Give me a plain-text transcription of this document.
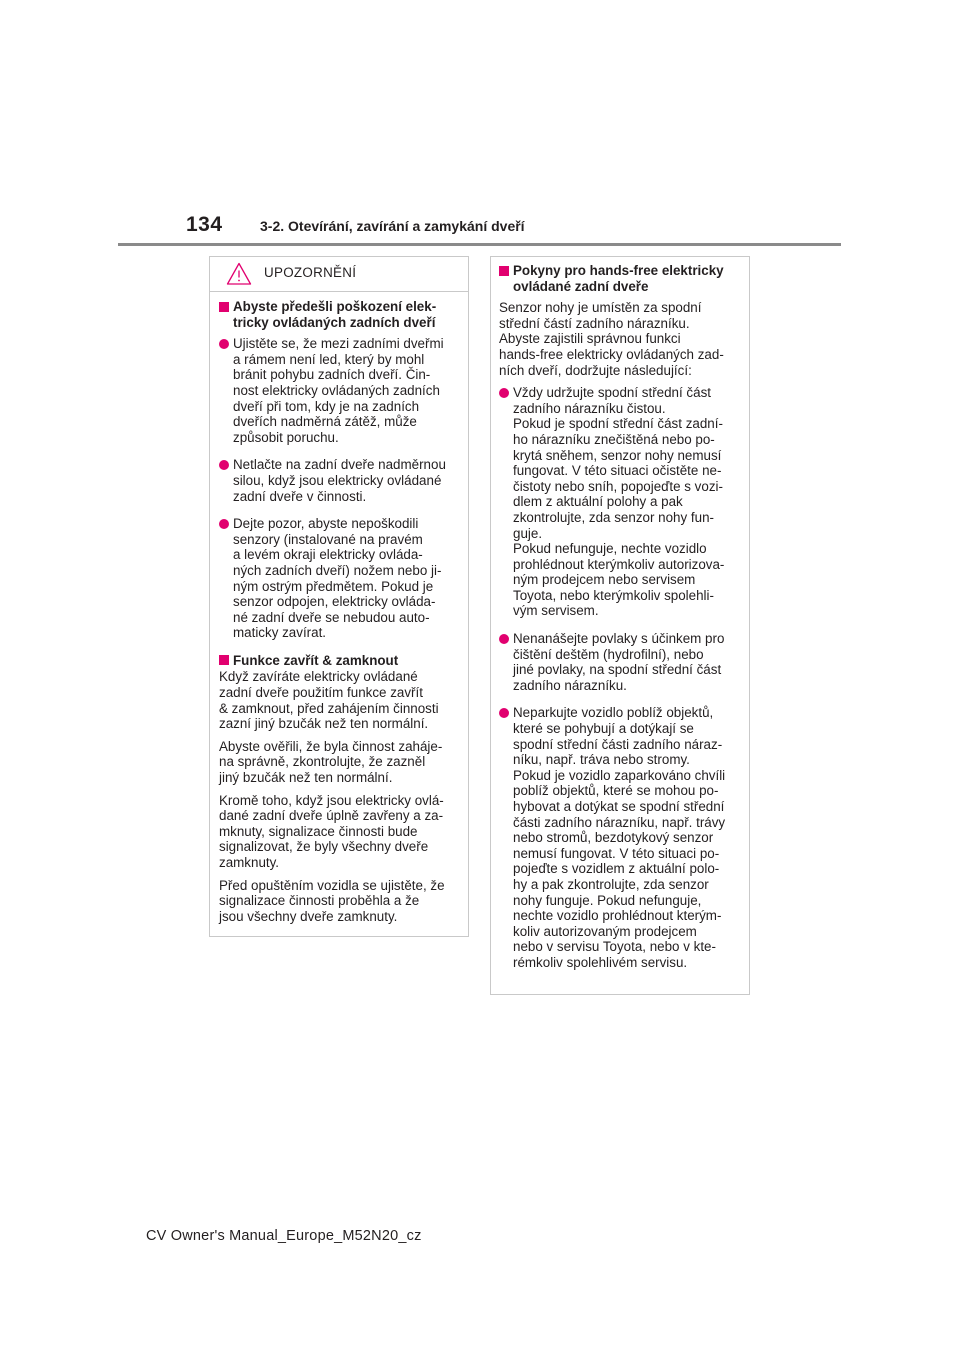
134	3-2. Otevírání, zavírání a zamykání dveří
UPOZORNĚNÍ
Abyste předešli poškození elek-
tricky ovládaných zadních dveří
Ujistěte se, že mezi zadními dveřmi
a rámem není led, který by mohl
bránit pohybu zadních dveří. Čin-
nost elektricky ovládaných zadních
dveří při tom, kdy je na zadních
dveřích nadměrná zátěž, může
způsobit poruchu.
Netlačte na zadní dveře nadměrnou
silou, když jsou elektricky ovládané
zadní dveře v činnosti.
Dejte pozor, abyste nepoškodili
senzory (instalované na pravém
a levém okraji elektricky ovláda-
ných zadních dveří) nožem nebo ji-
ným ostrým předmětem. Pokud je
senzor odpojen, elektricky ovláda-
né zadní dveře se nebudou auto-
maticky zavírat.
Funkce zavřít & zamknout
Když zavíráte elektricky ovládané
zadní dveře použitím funkce zavřít
& zamknout, před zahájením činnosti
zazní jiný bzučák než ten normální.
Abyste ověřili, že byla činnost zaháje-
na správně, zkontrolujte, že zazněl
jiný bzučák než ten normální.
Kromě toho, když jsou elektricky ovlá-
dané zadní dveře úplně zavřeny a za-
mknuty, signalizace činnosti bude
signalizovat, že byly všechny dveře
zamknuty.
Před opuštěním vozidla se ujistěte, že
signalizace činnosti proběhla a že
jsou všechny dveře zamknuty.
Pokyny pro hands-free elektricky
ovládané zadní dveře
Senzor nohy je umístěn za spodní
střední částí zadního nárazníku.
Abyste zajistili správnou funkci
hands-free elektricky ovládaných zad-
ních dveří, dodržujte následující:
Vždy udržujte spodní střední část
zadního nárazníku čistou.
Pokud je spodní střední část zadní-
ho nárazníku znečištěná nebo po-
krytá sněhem, senzor nohy nemusí
fungovat. V této situaci očistěte ne-
čistoty nebo sníh, popojeďte s vozi-
dlem z aktuální polohy a pak
zkontrolujte, zda senzor nohy fun-
guje.
Pokud nefunguje, nechte vozidlo
prohlédnout kterýmkoliv autorizova-
ným prodejcem nebo servisem
Toyota, nebo kterýmkoliv spolehli-
vým servisem.
Nenanášejte povlaky s účinkem pro
čištění deštěm (hydrofilní), nebo
jiné povlaky, na spodní střední část
zadního nárazníku.
Neparkujte vozidlo poblíž objektů,
které se pohybují a dotýkají se
spodní střední části zadního náraz-
níku, např. tráva nebo stromy.
Pokud je vozidlo zaparkováno chvíli
poblíž objektů, které se mohou po-
hybovat a dotýkat se spodní střední
části zadního nárazníku, např. trávy
nebo stromů, bezdotykový senzor
nemusí fungovat. V této situaci po-
pojeďte s vozidlem z aktuální polo-
hy a pak zkontrolujte, zda senzor
nohy funguje. Pokud nefunguje,
nechte vozidlo prohlédnout kterým-
koliv autorizovaným prodejcem
nebo v servisu Toyota, nebo v kte-
rémkoliv spolehlivém servisu.
CV Owner's Manual_Europe_M52N20_cz
